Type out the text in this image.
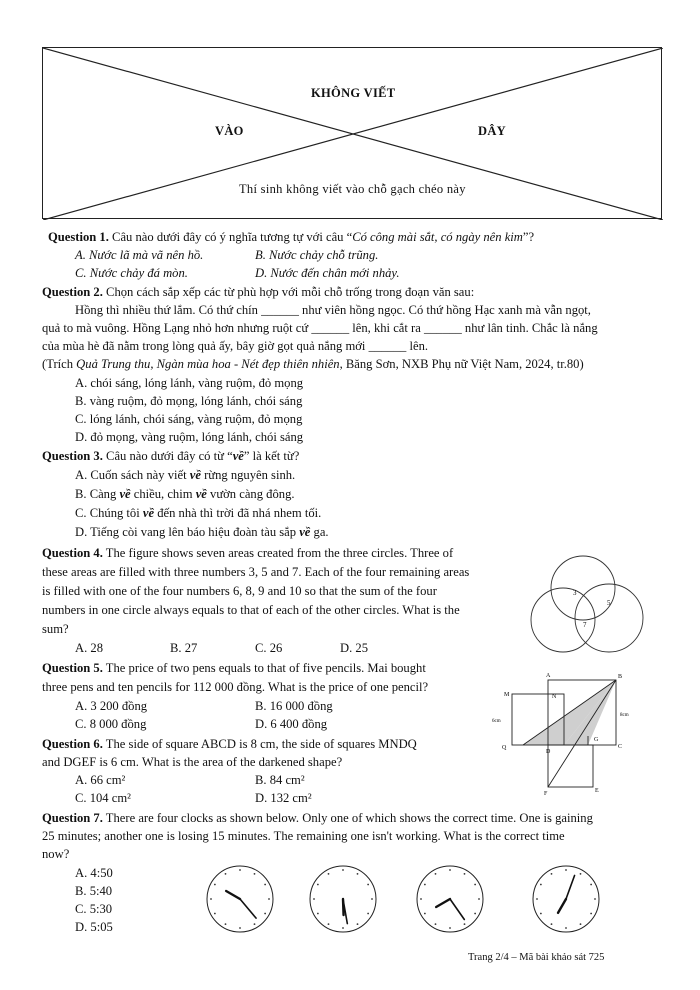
KHÔNG VIẾT
VÀO	DÂY
Thí sinh không viết vào chỗ gạch chéo này
Question 1. Câu nào dưới đây có ý nghĩa tương tự với câu “Có công mài sắt, có ngày nên kim”?
A. Nước lã mà vã nên hồ.	B. Nước chảy chỗ trũng.
C. Nước chảy đá mòn.	D. Nước đến chân mới nhảy.
Question 2. Chọn cách sắp xếp các từ phù hợp với mỗi chỗ trống trong đoạn văn sau:
Hồng thì nhiều thứ lắm. Có thứ chín ______ như viên hồng ngọc. Có thứ hồng Hạc xanh mà vẫn ngọt,
quả to mà vuông. Hồng Lạng nhỏ hơn nhưng ruột cứ ______ lên, khi cắt ra ______ như lân tinh. Chắc là nắng
của mùa hè đã nằm trong lòng quả ấy, bây giờ gọt quả nắng mới ______ lên.
(Trích Quả Trung thu, Ngàn mùa hoa - Nét đẹp thiên nhiên, Băng Sơn, NXB Phụ nữ Việt Nam, 2024, tr.80)
A. chói sáng, lóng lánh, vàng ruộm, đỏ mọng
B. vàng ruộm, đỏ mọng, lóng lánh, chói sáng
C. lóng lánh, chói sáng, vàng ruộm, đỏ mọng
D. đỏ mọng, vàng ruộm, lóng lánh, chói sáng
Question 3. Câu nào dưới đây có từ “về” là kết từ?
A. Cuốn sách này viết về rừng nguyên sinh.
B. Càng về chiều, chim về vườn càng đông.
C. Chúng tôi về đến nhà thì trời đã nhá nhem tối.
D. Tiếng còi vang lên báo hiệu đoàn tàu sắp về ga.
Question 4. The figure shows seven areas created from the three circles. Three of
these areas are filled with three numbers 3, 5 and 7. Each of the four remaining areas
is filled with one of the four numbers 6, 8, 9 and 10 so that the sum of the four
numbers in one circle always equals to that of each of the other circles. What is the
sum?
A. 28	B. 27	C. 26	D. 25
3
5
7
Question 5. The price of two pens equals to that of five pencils. Mai bought
three pens and ten pencils for 112 000 đồng. What is the price of one pencil?
A. 3 200 đồng	B. 16 000 đồng
C. 8 000 đồng	D. 6 400 đồng
Question 6. The side of square ABCD is 8 cm, the side of squares MNDQ
and DGEF is 6 cm. What is the area of the darkened shape?
A. 66 cm²	B. 84 cm²
C. 104 cm²	D. 132 cm²
A	B
C
D
E
F
G
M	N
Q
6cm
8cm
Question 7. There are four clocks as shown below. Only one of which shows the correct time. One is gaining
25 minutes; another one is losing 15 minutes. The remaining one isn't working. What is the correct time
now?
A. 4:50
B. 5:40
C. 5:30
D. 5:05
Trang 2/4 – Mã bài khảo sát 725
